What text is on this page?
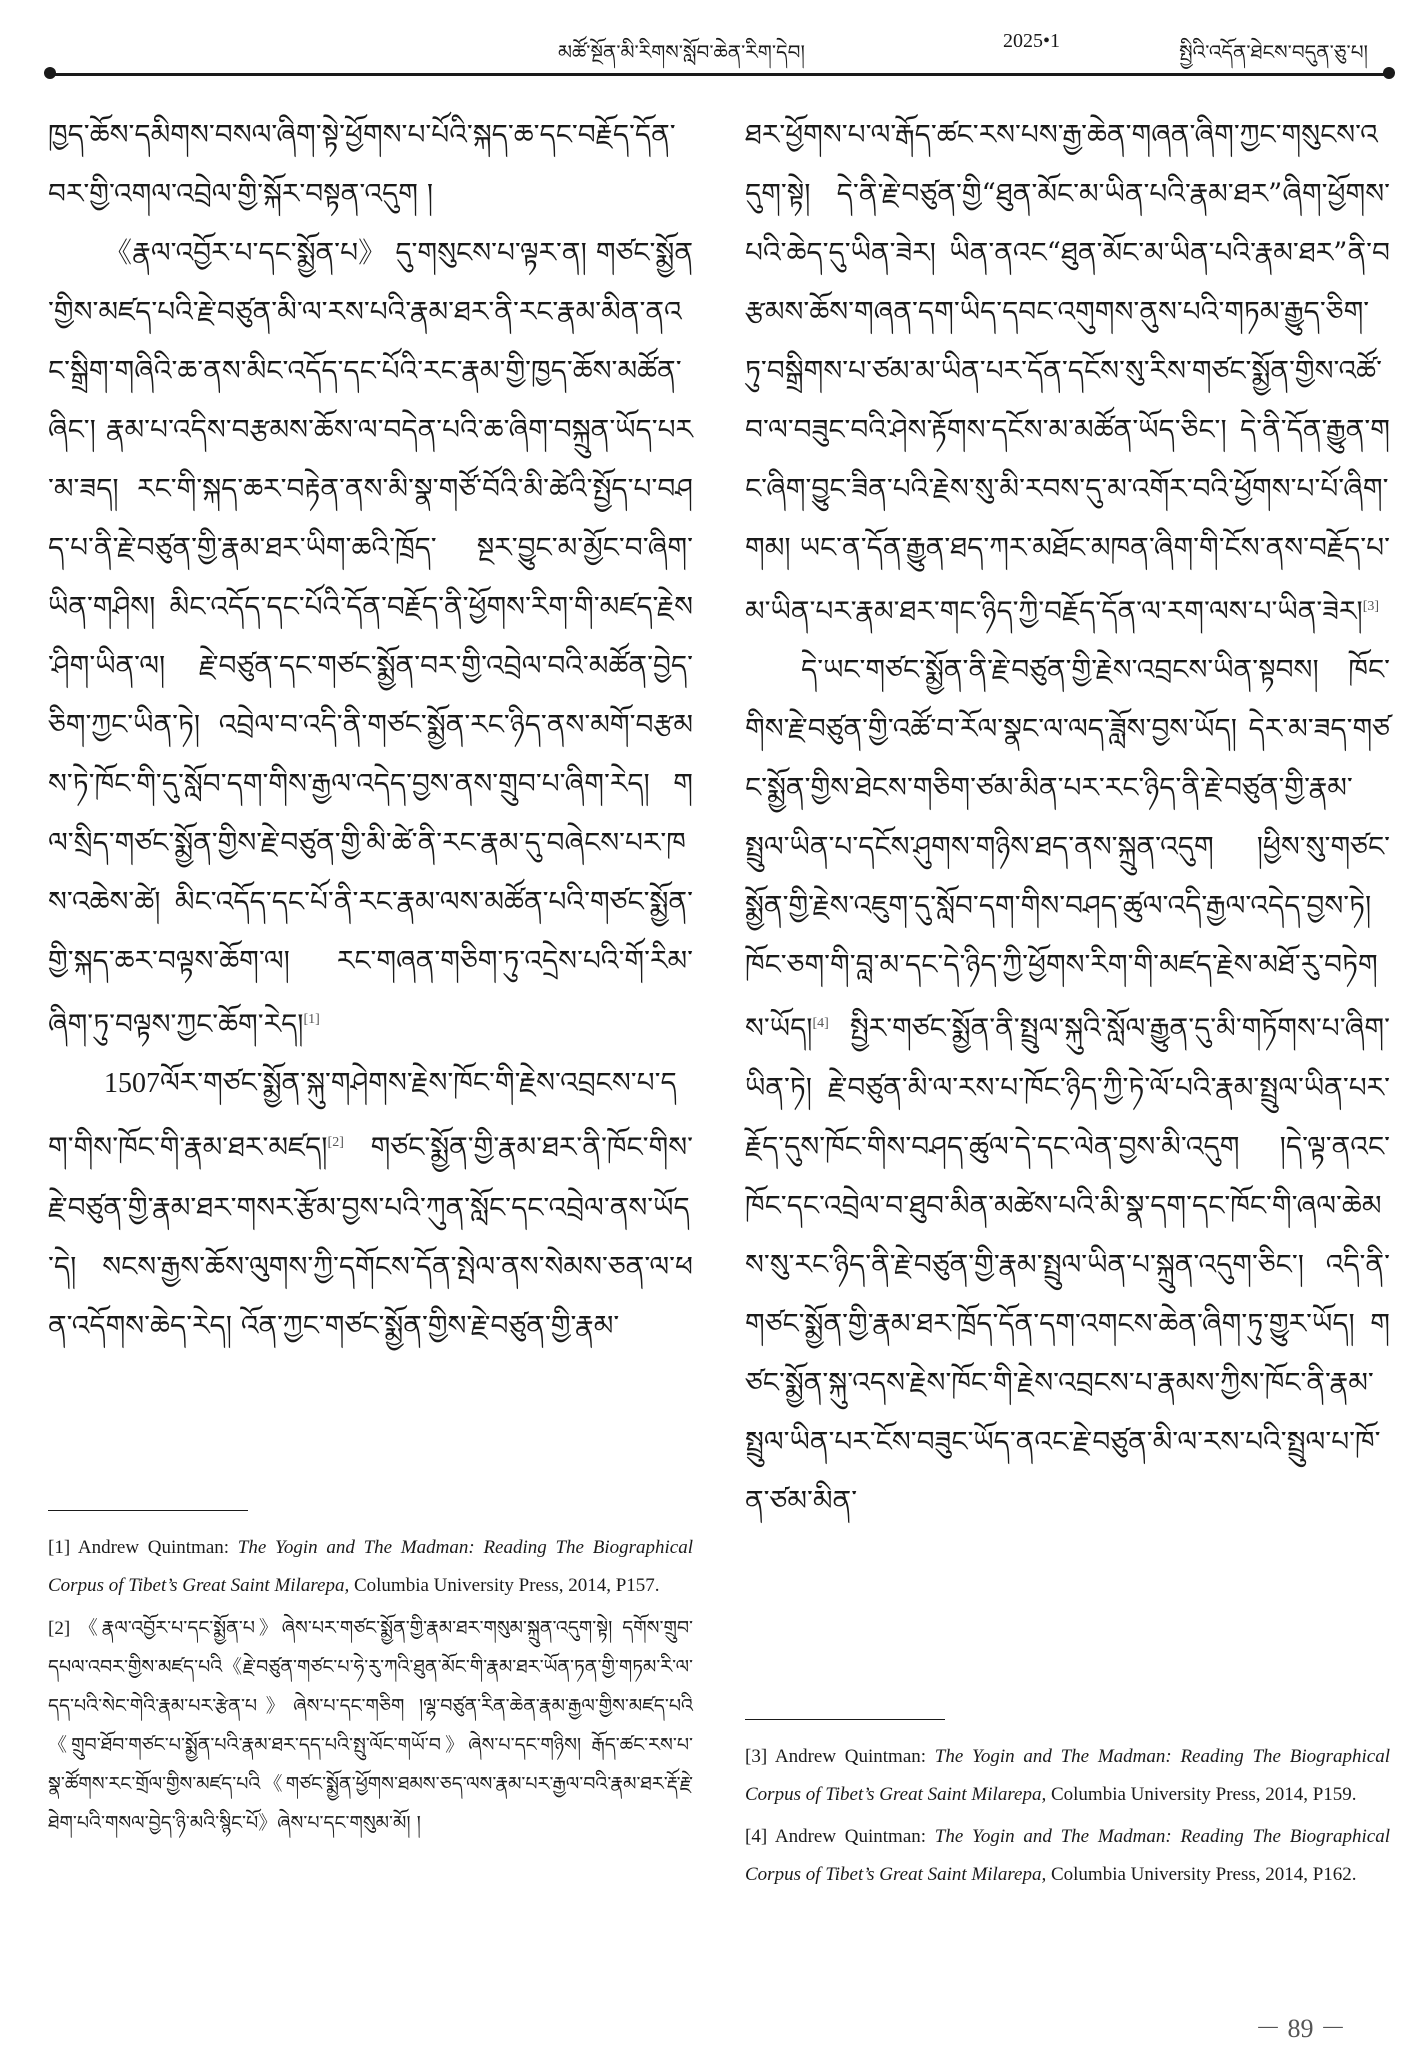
མཚོ་སྔོན་མི་རིགས་སློབ་ཆེན་རིག་དེབ།	2025•1	སྤྱིའི་འདོན་ཐེངས་བདུན་ཅུ་པ།

ཁྱད་ཆོས་དམིགས་བསལ་ཞིག་སྟེ་ཕྱོགས་པ་པོའི་སྐད་ཆ་དང་བརྗོད་དོན་བར་གྱི་འགལ་འབྲེལ་གྱི་སྐོར་བསྟན་འདུག །

《རྣལ་འབྱོར་པ་དང་སྨྱོན་པ》 དུ་གསུངས་པ་ལྟར་ན། གཙང་སྨྱོན་གྱིས་མཛད་པའི་རྗེ་བཙུན་མི་ལ་རས་པའི་རྣམ་ཐར་ནི་རང་རྣམ་མིན་ནའང་སྒྲིག་གཞིའི་ཆ་ནས་མིང་འདོད་དང་པོའི་རང་རྣམ་གྱི་ཁྱད་ཆོས་མཚོན་ཞིང་། རྣམ་པ་འདིས་བརྩམས་ཆོས་ལ་བདེན་པའི་ཆ་ཞིག་བསྐྲུན་ཡོད་པར་མ་ཟད། རང་གི་སྐད་ཆར་བརྟེན་ནས་མི་སྣ་གཙོ་བོའི་མི་ཚེའི་སྤྱོད་པ་བཤད་པ་ནི་རྗེ་བཙུན་གྱི་རྣམ་ཐར་ཡིག་ཆའི་ཁྲོད་ སྔར་བྱུང་མ་མྱོང་བ་ཞིག་ཡིན་གཤིས། མིང་འདོད་དང་པོའི་དོན་བརྗོད་ནི་ཕྱོགས་རིག་གི་མཛད་རྗེས་ཤིག་ཡིན་ལ། རྗེ་བཙུན་དང་གཙང་སྨྱོན་བར་གྱི་འབྲེལ་བའི་མཚོན་བྱེད་ཅིག་ཀྱང་ཡིན་ཏེ། འབྲེལ་བ་འདི་ནི་གཙང་སྨྱོན་རང་ཉིད་ནས་མགོ་བརྩམས་ཏེ་ཁོང་གི་དུ་སློབ་དག་གིས་རྒྱལ་འདེད་བྱས་ནས་གྲུབ་པ་ཞིག་རེད། གལ་སྲིད་གཙང་སྨྱོན་གྱིས་རྗེ་བཙུན་གྱི་མི་ཚེ་ནི་རང་རྣམ་དུ་བཞེངས་པར་ཁས་འཆེས་ཚེ། མིང་འདོད་དང་པོ་ནི་རང་རྣམ་ལས་མཚོན་པའི་གཙང་སྨྱོན་གྱི་སྐད་ཆར་བལྟས་ཆོག་ལ། རང་གཞན་གཅིག་ཏུ་འདྲེས་པའི་གོ་རིམ་ཞིག་ཏུ་བལྟས་ཀྱང་ཆོག་རེད།[1]

1507ལོར་གཙང་སྨྱོན་སྐུ་གཤེགས་རྗེས་ཁོང་གི་རྗེས་འབྲངས་པ་དག་གིས་ཁོང་གི་རྣམ་ཐར་མཛད།[2] གཙང་སྨྱོན་གྱི་རྣམ་ཐར་ནི་ཁོང་གིས་རྗེ་བཙུན་གྱི་རྣམ་ཐར་གསར་རྩོམ་བྱས་པའི་ཀུན་སློང་དང་འབྲེལ་ནས་ཡོད་དེ། སངས་རྒྱས་ཆོས་ལུགས་ཀྱི་དགོངས་དོན་སྤེལ་ནས་སེམས་ཅན་ལ་ཕན་འདོགས་ཆེད་རེད། འོན་ཀྱང་གཙང་སྨྱོན་གྱིས་རྗེ་བཙུན་གྱི་རྣམ་

[1] Andrew Quintman: The Yogin and The Madman: Reading The Biographical Corpus of Tibet’s Great Saint Milarepa, Columbia University Press, 2014, P157.

[2] 《རྣལ་འབྱོར་པ་དང་སྨྱོན་པ》ཞེས་པར་གཙང་སྨྱོན་གྱི་རྣམ་ཐར་གསུམ་སྐྲུན་འདུག་སྟེ། དགོས་གྲུབ་དཔལ་འབར་གྱིས་མཛད་པའི《རྗེ་བཙུན་གཙང་པ་ཧེ་རུ་ཀའི་ཐུན་མོང་གི་རྣམ་ཐར་ཡོན་ཏན་གྱི་གཏམ་རི་ལ་དད་པའི་སེང་གེའི་རྣམ་པར་རྩེན་པ》ཞེས་པ་དང་གཅིག །ལྷ་བཙུན་རིན་ཆེན་རྣམ་རྒྱལ་གྱིས་མཛད་པའི《གྲུབ་ཐོབ་གཙང་པ་སྨྱོན་པའི་རྣམ་ཐར་དད་པའི་སྤུ་ལོང་གཡོ་བ》ཞེས་པ་དང་གཉིས། རྒོད་ཚང་རས་པ་སྣ་ཚོགས་རང་གྲོལ་གྱིས་མཛད་པའི《གཙང་སྨྱོན་ཕྱོགས་ཐམས་ཅད་ལས་རྣམ་པར་རྒྱལ་བའི་རྣམ་ཐར་རྡོ་རྗེ་ཐེག་པའི་གསལ་བྱེད་ཉི་མའི་སྙིང་པོ》ཞེས་པ་དང་གསུམ་མོ། །

ཐར་ཕྱོགས་པ་ལ་རྒོད་ཚང་རས་པས་རྒྱ་ཆེན་གཞན་ཞིག་ཀྱང་གསུངས་འདུག་སྟེ། དེ་ནི་རྗེ་བཙུན་གྱི“ཐུན་མོང་མ་ཡིན་པའི་རྣམ་ཐར”ཞིག་ཕྱོགས་པའི་ཆེད་དུ་ཡིན་ཟེར། ཡིན་ནའང“ཐུན་མོང་མ་ཡིན་པའི་རྣམ་ཐར”ནི་བརྩམས་ཆོས་གཞན་དག་ཡིད་དབང་འགུགས་ནུས་པའི་གཏམ་རྒྱུད་ཅིག་ཏུ་བསྒྲིགས་པ་ཙམ་མ་ཡིན་པར་དོན་དངོས་སུ་རིས་གཙང་སྨྱོན་གྱིས་འཚོ་བ་ལ་བཟུང་བའི་ཤེས་རྟོགས་དངོས་མ་མཚོན་ཡོད་ཅིང་། དེ་ནི་དོན་རྒྱུན་གང་ཞིག་བྱུང་ཟིན་པའི་རྗེས་སུ་མི་རབས་དུ་མ་འགོར་བའི་ཕྱོགས་པ་པོ་ཞིག་གམ། ཡང་ན་དོན་རྒྱུན་ཐད་ཀར་མཐོང་མཁན་ཞིག་གི་ངོས་ནས་བརྗོད་པ་མ་ཡིན་པར་རྣམ་ཐར་གང་ཉིད་ཀྱི་བརྗོད་དོན་ལ་རག་ལས་པ་ཡིན་ཟེར།[3]

དེ་ཡང་གཙང་སྨྱོན་ནི་རྗེ་བཙུན་གྱི་རྗེས་འབྲངས་ཡིན་སྟབས། ཁོང་གིས་རྗེ་བཙུན་གྱི་འཚོ་བ་རོལ་སྣང་ལ་ལད་ཟློས་བྱས་ཡོད། དེར་མ་ཟད་གཙང་སྨྱོན་གྱིས་ཐེངས་གཅིག་ཙམ་མིན་པར་རང་ཉིད་ནི་རྗེ་བཙུན་གྱི་རྣམ་སྤྲུལ་ཡིན་པ་དངོས་ཤུགས་གཉིས་ཐད་ནས་སྐྲུན་འདུག །ཕྱིས་སུ་གཙང་སྨྱོན་གྱི་རྗེས་འཇུག་དུ་སློབ་དག་གིས་བཤད་ཚུལ་འདི་རྒྱལ་འདེད་བྱས་ཏེ། ཁོང་ཅག་གི་བླ་མ་དང་དེ་ཉིད་ཀྱི་ཕྱོགས་རིག་གི་མཛད་རྗེས་མཐོ་རུ་བཏེགས་ཡོད།[4] སྤྱིར་གཙང་སྨྱོན་ནི་སྤྲུལ་སྐུའི་སློལ་རྒྱུན་དུ་མི་གཏོགས་པ་ཞིག་ཡིན་ཏེ། རྗེ་བཙུན་མི་ལ་རས་པ་ཁོང་ཉིད་ཀྱི་ཏེ་ལོ་པའི་རྣམ་སྤྲུལ་ཡིན་པར་རྗོད་དུས་ཁོང་གིས་བཤད་ཚུལ་དེ་དང་ལེན་བྱས་མི་འདུག །དེ་ལྟ་ནའང་ཁོང་དང་འབྲེལ་བ་ཐུབ་མིན་མཚེས་པའི་མི་སྣ་དག་དང་ཁོང་གི་ཞལ་ཆེམས་སུ་རང་ཉིད་ནི་རྗེ་བཙུན་གྱི་རྣམ་སྤྲུལ་ཡིན་པ་སྐྲུན་འདུག་ཅིང་། འདི་ནི་གཙང་སྨྱོན་གྱི་རྣམ་ཐར་ཁྲོད་དོན་དག་འགངས་ཆེན་ཞིག་ཏུ་གྱུར་ཡོད། གཙང་སྨྱོན་སྐུ་འདས་རྗེས་ཁོང་གི་རྗེས་འབྲངས་པ་རྣམས་ཀྱིས་ཁོང་ནི་རྣམ་སྤྲུལ་ཡིན་པར་ངོས་བཟུང་ཡོད་ནའང་རྗེ་བཙུན་མི་ལ་རས་པའི་སྤྲུལ་པ་ཁོ་ན་ཙམ་མིན་

[3] Andrew Quintman: The Yogin and The Madman: Reading The Biographical Corpus of Tibet’s Great Saint Milarepa, Columbia University Press, 2014, P159.

[4] Andrew Quintman: The Yogin and The Madman: Reading The Biographical Corpus of Tibet’s Great Saint Milarepa, Columbia University Press, 2014, P162.

－ 89 －
